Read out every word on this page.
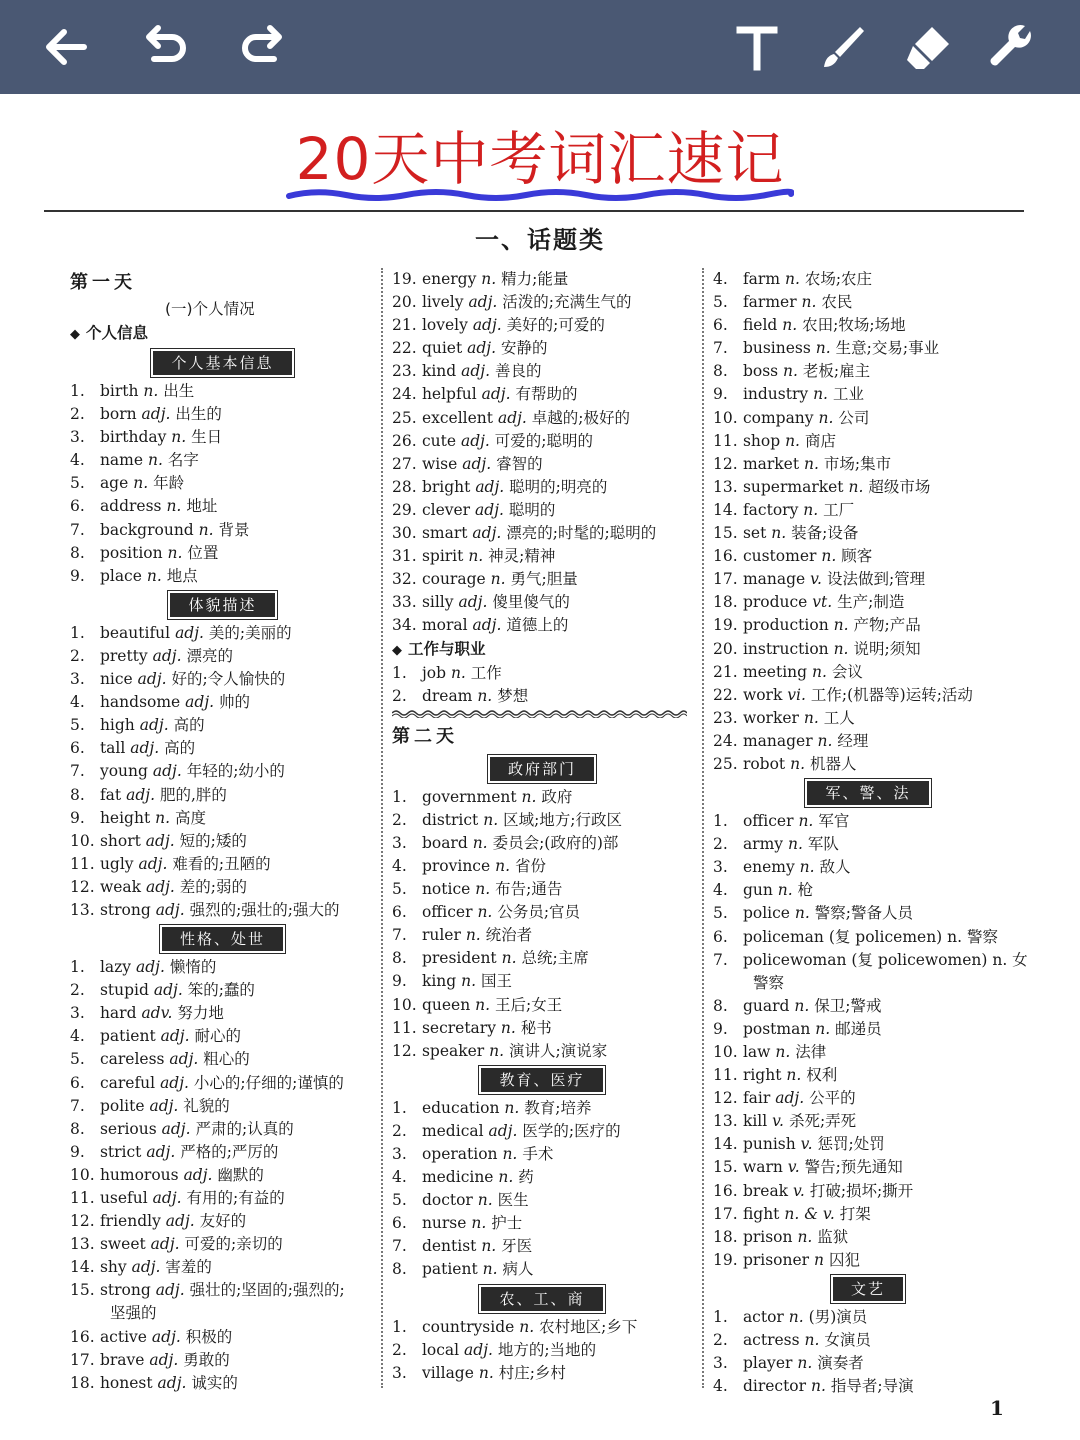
20天中考词汇速记
一、话题类
第一天
(一)个人情况
◆ 个人信息
个人基本信息
1. birth n. 出生
2. born adj. 出生的
3. birthday n. 生日
4. name n. 名字
5. age n. 年龄
6. address n. 地址
7. background n. 背景
8. position n. 位置
9. place n. 地点
体貌描述
1. beautiful adj. 美的;美丽的
2. pretty adj. 漂亮的
3. nice adj. 好的;令人愉快的
4. handsome adj. 帅的
5. high adj. 高的
6. tall adj. 高的
7. young adj. 年轻的;幼小的
8. fat adj. 肥的,胖的
9. height n. 高度
10. short adj. 短的;矮的
11. ugly adj. 难看的;丑陋的
12. weak adj. 差的;弱的
13. strong adj. 强烈的;强壮的;强大的
性格、处世
1. lazy adj. 懒惰的
2. stupid adj. 笨的;蠢的
3. hard adv. 努力地
4. patient adj. 耐心的
5. careless adj. 粗心的
6. careful adj. 小心的;仔细的;谨慎的
7. polite adj. 礼貌的
8. serious adj. 严肃的;认真的
9. strict adj. 严格的;严厉的
10. humorous adj. 幽默的
11. useful adj. 有用的;有益的
12. friendly adj. 友好的
13. sweet adj. 可爱的;亲切的
14. shy adj. 害羞的
15. strong adj. 强壮的;坚固的;强烈的;
坚强的
16. active adj. 积极的
17. brave adj. 勇敢的
18. honest adj. 诚实的
19. energy n. 精力;能量
20. lively adj. 活泼的;充满生气的
21. lovely adj. 美好的;可爱的
22. quiet adj. 安静的
23. kind adj. 善良的
24. helpful adj. 有帮助的
25. excellent adj. 卓越的;极好的
26. cute adj. 可爱的;聪明的
27. wise adj. 睿智的
28. bright adj. 聪明的;明亮的
29. clever adj. 聪明的
30. smart adj. 漂亮的;时髦的;聪明的
31. spirit n. 神灵;精神
32. courage n. 勇气;胆量
33. silly adj. 傻里傻气的
34. moral adj. 道德上的
◆ 工作与职业
1. job n. 工作
2. dream n. 梦想
第二天
政府部门
1. government n. 政府
2. district n. 区域;地方;行政区
3. board n. 委员会;(政府的)部
4. province n. 省份
5. notice n. 布告;通告
6. officer n. 公务员;官员
7. ruler n. 统治者
8. president n. 总统;主席
9. king n. 国王
10. queen n. 王后;女王
11. secretary n. 秘书
12. speaker n. 演讲人;演说家
教育、医疗
1. education n. 教育;培养
2. medical adj. 医学的;医疗的
3. operation n. 手术
4. medicine n. 药
5. doctor n. 医生
6. nurse n. 护士
7. dentist n. 牙医
8. patient n. 病人
农、工、商
1. countryside n. 农村地区;乡下
2. local adj. 地方的;当地的
3. village n. 村庄;乡村
4. farm n. 农场;农庄
5. farmer n. 农民
6. field n. 农田;牧场;场地
7. business n. 生意;交易;事业
8. boss n. 老板;雇主
9. industry n. 工业
10. company n. 公司
11. shop n. 商店
12. market n. 市场;集市
13. supermarket n. 超级市场
14. factory n. 工厂
15. set n. 装备;设备
16. customer n. 顾客
17. manage v. 设法做到;管理
18. produce vt. 生产;制造
19. production n. 产物;产品
20. instruction n. 说明;须知
21. meeting n. 会议
22. work vi. 工作;(机器等)运转;活动
23. worker n. 工人
24. manager n. 经理
25. robot n. 机器人
军、警、法
1. officer n. 军官
2. army n. 军队
3. enemy n. 敌人
4. gun n. 枪
5. police n. 警察;警备人员
6. policeman (复 policemen) n. 警察
7. policewoman (复 policewomen) n. 女
警察
8. guard n. 保卫;警戒
9. postman n. 邮递员
10. law n. 法律
11. right n. 权利
12. fair adj. 公平的
13. kill v. 杀死;弄死
14. punish v. 惩罚;处罚
15. warn v. 警告;预先通知
16. break v. 打破;损坏;撕开
17. fight n. & v. 打架
18. prison n. 监狱
19. prisoner n 囚犯
文艺
1. actor n. (男)演员
2. actress n. 女演员
3. player n. 演奏者
4. director n. 指导者;导演
1
